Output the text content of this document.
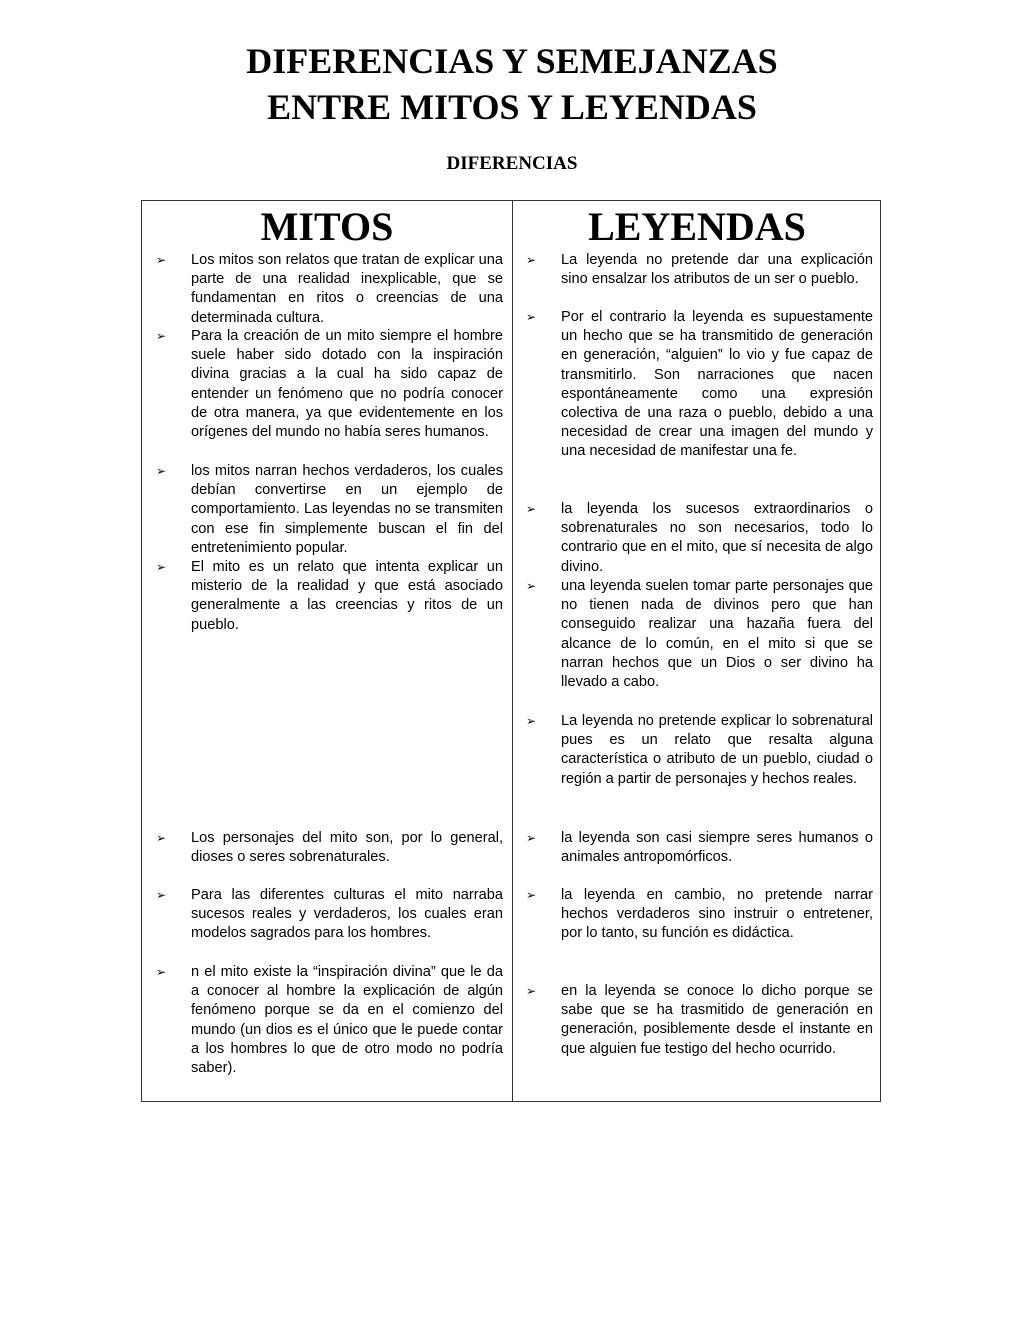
DIFERENCIAS Y SEMEJANZAS
ENTRE MITOS Y LEYENDAS
DIFERENCIAS
MITOS	LEYENDAS
➢ Los mitos son relatos que tratan de explicar una parte de una realidad inexplicable, que se fundamentan en ritos o creencias de una determinada cultura.

➢ Para la creación de un mito siempre el hombre suele haber sido dotado con la inspiración divina gracias a la cual ha sido capaz de entender un fenómeno que no podría conocer de otra manera, ya que evidentemente en los orígenes del mundo no había seres humanos.

➢ los mitos narran hechos verdaderos, los cuales debían convertirse en un ejemplo de comportamiento. Las leyendas no se transmiten con ese fin simplemente buscan el fin del entretenimiento popular.

➢ El mito es un relato que intenta explicar un misterio de la realidad y que está asociado generalmente a las creencias y ritos de un pueblo.

➢ Los personajes del mito son, por lo general, dioses o seres sobrenaturales.

➢ Para las diferentes culturas el mito narraba sucesos reales y verdaderos, los cuales eran modelos sagrados para los hombres.

➢ n el mito existe la “inspiración divina” que le da a conocer al hombre la explicación de algún fenómeno porque se da en el comienzo del mundo (un dios es el único que le puede contar a los hombres lo que de otro modo no podría saber).

➢ La leyenda no pretende dar una explicación sino ensalzar los atributos de un ser o pueblo.

➢ Por el contrario la leyenda es supuestamente un hecho que se ha transmitido de generación en generación, “alguien” lo vio y fue capaz de transmitirlo. Son narraciones que nacen espontáneamente como una expresión colectiva de una raza o pueblo, debido a una necesidad de crear una imagen del mundo y una necesidad de manifestar una fe.

➢ la leyenda los sucesos extraordinarios o sobrenaturales no son necesarios, todo lo contrario que en el mito, que sí necesita de algo divino.

➢ una leyenda suelen tomar parte personajes que no tienen nada de divinos pero que han conseguido realizar una hazaña fuera del alcance de lo común, en el mito si que se narran hechos que un Dios o ser divino ha llevado a cabo.

➢ La leyenda no pretende explicar lo sobrenatural pues es un relato que resalta alguna característica o atributo de un pueblo, ciudad o región a partir de personajes y hechos reales.

➢ la leyenda son casi siempre seres humanos o animales antropomórficos.

➢ la leyenda en cambio, no pretende narrar hechos verdaderos sino instruir o entretener, por lo tanto, su función es didáctica.

➢ en la leyenda se conoce lo dicho porque se sabe que se ha trasmitido de generación en generación, posiblemente desde el instante en que alguien fue testigo del hecho ocurrido.
